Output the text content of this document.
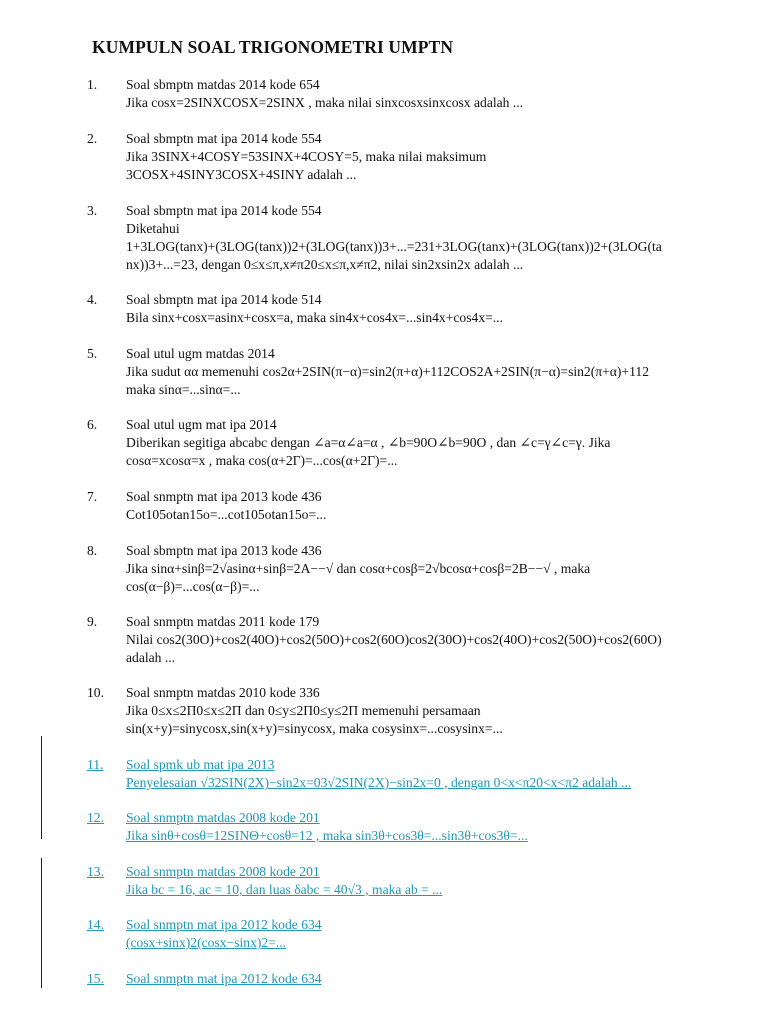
KUMPULN SOAL TRIGONOMETRI UMPTN
1. Soal sbmptn matdas 2014 kode 654
Jika cosx=2SINXCOSX=2SINX , maka nilai sinxcosxsinxcosx adalah ...
2. Soal sbmptn mat ipa 2014 kode 554
Jika 3SINX+4COSY=53SINX+4COSY=5, maka nilai maksimum
3COSX+4SINY3COSX+4SINY adalah ...
3. Soal sbmptn mat ipa 2014 kode 554
Diketahui
1+3LOG(tanx)+(3LOG(tanx))2+(3LOG(tanx))3+...=231+3LOG(tanx)+(3LOG(tanx))2+(3LOG(ta
nx))3+...=23, dengan 0≤x≤π,x≠π20≤x≤π,x≠π2, nilai sin2xsin2x adalah ...
4. Soal sbmptn mat ipa 2014 kode 514
Bila sinx+cosx=asinx+cosx=a, maka sin4x+cos4x=...sin4x+cos4x=...
5. Soal utul ugm matdas 2014
Jika sudut αα memenuhi cos2α+2SIN(π−α)=sin2(π+α)+112COS2A+2SIN(π−α)=sin2(π+α)+112
maka sinα=...sinα=...
6. Soal utul ugm mat ipa 2014
Diberikan segitiga abcabc dengan ∠a=α∠a=α , ∠b=90O∠b=90O , dan ∠c=γ∠c=γ. Jika
cosα=xcosα=x , maka cos(α+2Γ)=...cos(α+2Γ)=...
7. Soal snmptn mat ipa 2013 kode 436
Cot105otan15o=...cot105otan15o=...
8. Soal sbmptn mat ipa 2013 kode 436
Jika sinα+sinβ=2√asinα+sinβ=2A−−√ dan cosα+cosβ=2√bcosα+cosβ=2B−−√ , maka
cos(α−β)=...cos(α−β)=...
9. Soal snmptn matdas 2011 kode 179
Nilai cos2(30O)+cos2(40O)+cos2(50O)+cos2(60O)cos2(30O)+cos2(40O)+cos2(50O)+cos2(60O)
adalah ...
10. Soal snmptn matdas 2010 kode 336
Jika 0≤x≤2Π0≤x≤2Π dan 0≤y≤2Π0≤y≤2Π memenuhi persamaan
sin(x+y)=sinycosx,sin(x+y)=sinycosx, maka cosysinx=...cosysinx=...
11. Soal spmk ub mat ipa 2013
Penyelesaian √32SIN(2X)−sin2x=03√2SIN(2X)−sin2x=0 , dengan 0<x<π20<x<π2 adalah ...
12. Soal snmptn matdas 2008 kode 201
Jika sinθ+cosθ=12SINΘ+cosθ=12 , maka sin3θ+cos3θ=...sin3θ+cos3θ=...
13. Soal snmptn matdas 2008 kode 201
Jika bc = 16, ac = 10, dan luas δabc = 40√3 , maka ab = ...
14. Soal snmptn mat ipa 2012 kode 634
(cosx+sinx)2(cosx−sinx)2=...
15. Soal snmptn mat ipa 2012 kode 634
